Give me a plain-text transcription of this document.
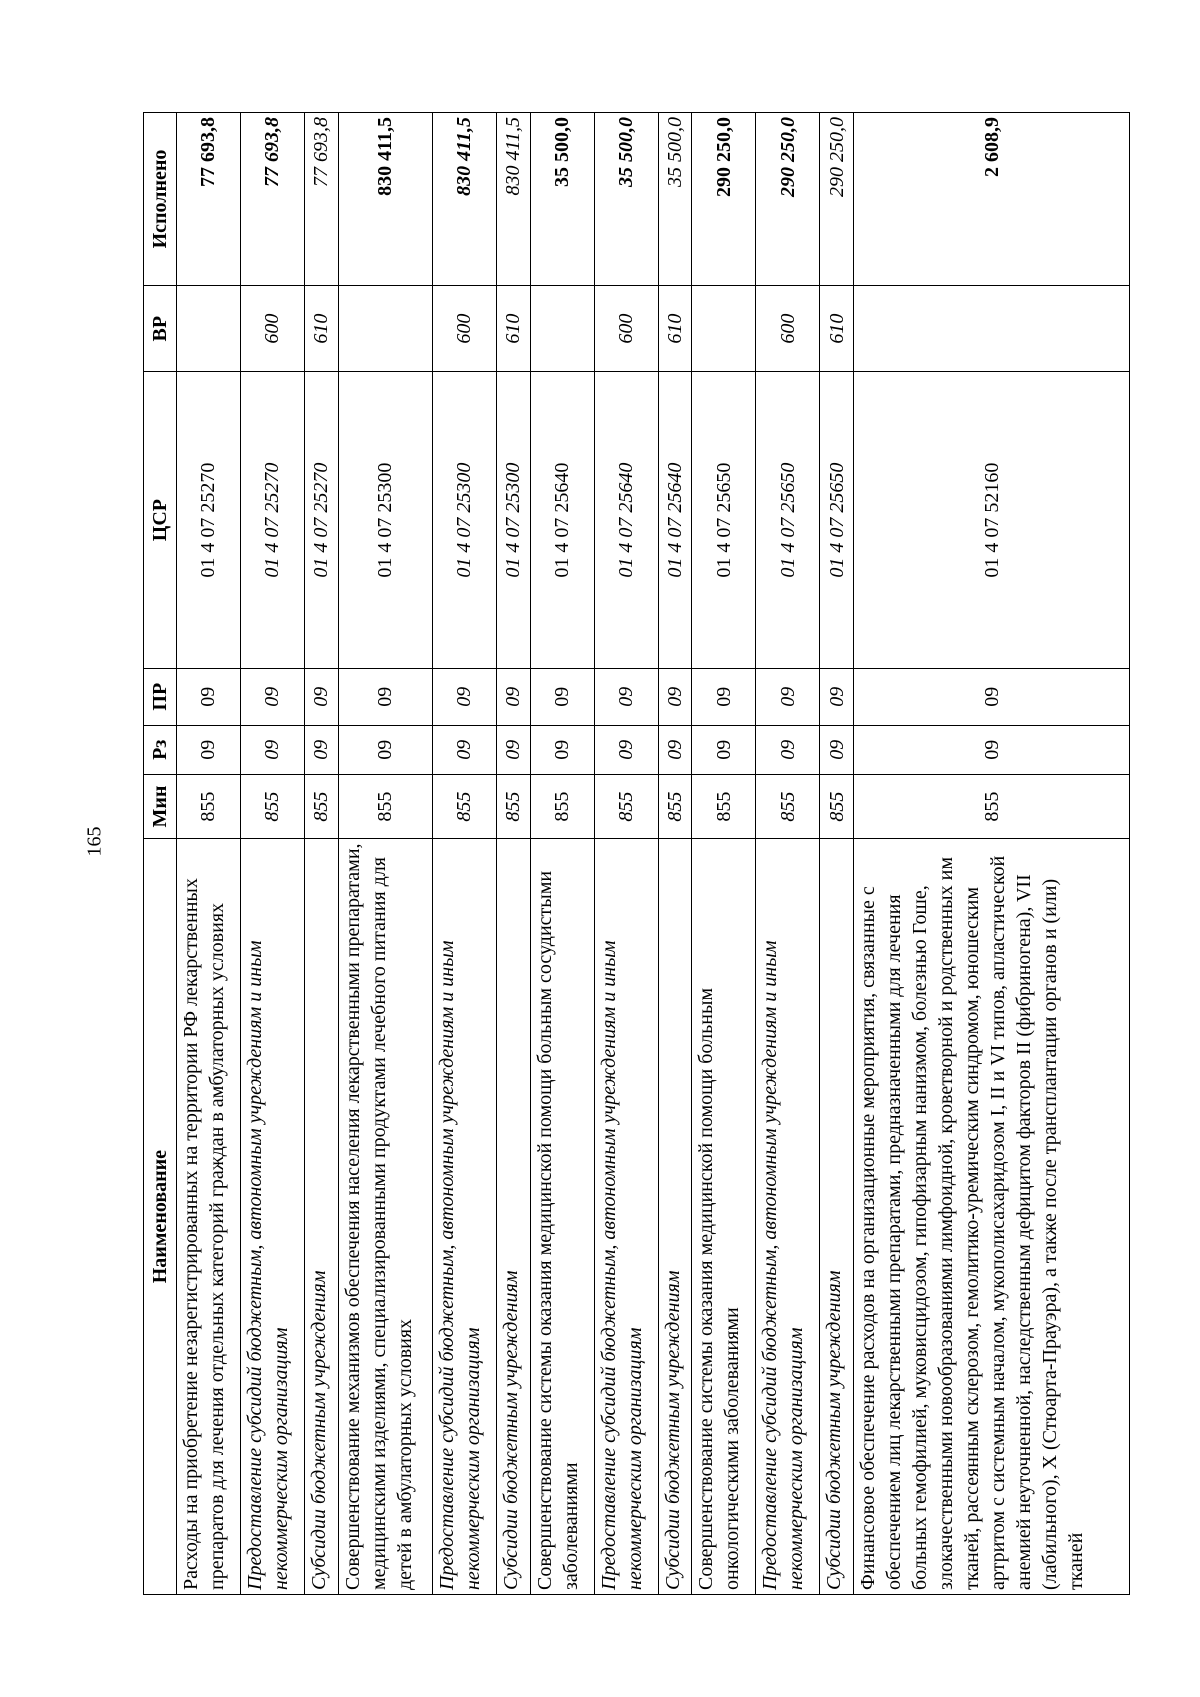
165
Наименование	Мин	Рз	ПР	ЦСР	ВР	Исполнено
Расходы на приобретение незарегистрированных на территории РФ лекарственных препаратов для лечения отдельных категорий граждан в амбулаторных условиях	855	09	09	01 4 07 25270		77 693,8
Предоставление субсидий бюджетным, автономным учреждениям и иным некоммерческим организациям	855	09	09	01 4 07 25270	600	77 693,8
Субсидии бюджетным учреждениям	855	09	09	01 4 07 25270	610	77 693,8
Совершенствование механизмов обеспечения населения лекарственными препаратами, медицинскими изделиями, специализированными продуктами лечебного питания для детей в амбулаторных условиях	855	09	09	01 4 07 25300		830 411,5
Предоставление субсидий бюджетным, автономным учреждениям и иным некоммерческим организациям	855	09	09	01 4 07 25300	600	830 411,5
Субсидии бюджетным учреждениям	855	09	09	01 4 07 25300	610	830 411,5
Совершенствование системы оказания медицинской помощи больным сосудистыми заболеваниями	855	09	09	01 4 07 25640		35 500,0
Предоставление субсидий бюджетным, автономным учреждениям и иным некоммерческим организациям	855	09	09	01 4 07 25640	600	35 500,0
Субсидии бюджетным учреждениям	855	09	09	01 4 07 25640	610	35 500,0
Совершенствование системы оказания медицинской помощи больным онкологическими заболеваниями	855	09	09	01 4 07 25650		290 250,0
Предоставление субсидий бюджетным, автономным учреждениям и иным некоммерческим организациям	855	09	09	01 4 07 25650	600	290 250,0
Субсидии бюджетным учреждениям	855	09	09	01 4 07 25650	610	290 250,0
Финансовое обеспечение расходов на организационные мероприятия, связанные с обеспечением лиц лекарственными препаратами, предназначенными для лечения больных гемофилией, муковисцидозом, гипофизарным нанизмом, болезнью Гоше, злокачественными новообразованиями лимфоидной, кроветворной и родственных им тканей, рассеянным склерозом, гемолитико-уремическим синдромом, юношеским артритом с системным началом, мукополисахаридозом I, II и VI типов, апластической анемией неуточненной, наследственным дефицитом факторов II (фибриногена), VII (лабильного), X (Стюарта-Прауэра), а также после трансплантации органов и (или) тканей	855	09	09	01 4 07 52160		2 608,9
